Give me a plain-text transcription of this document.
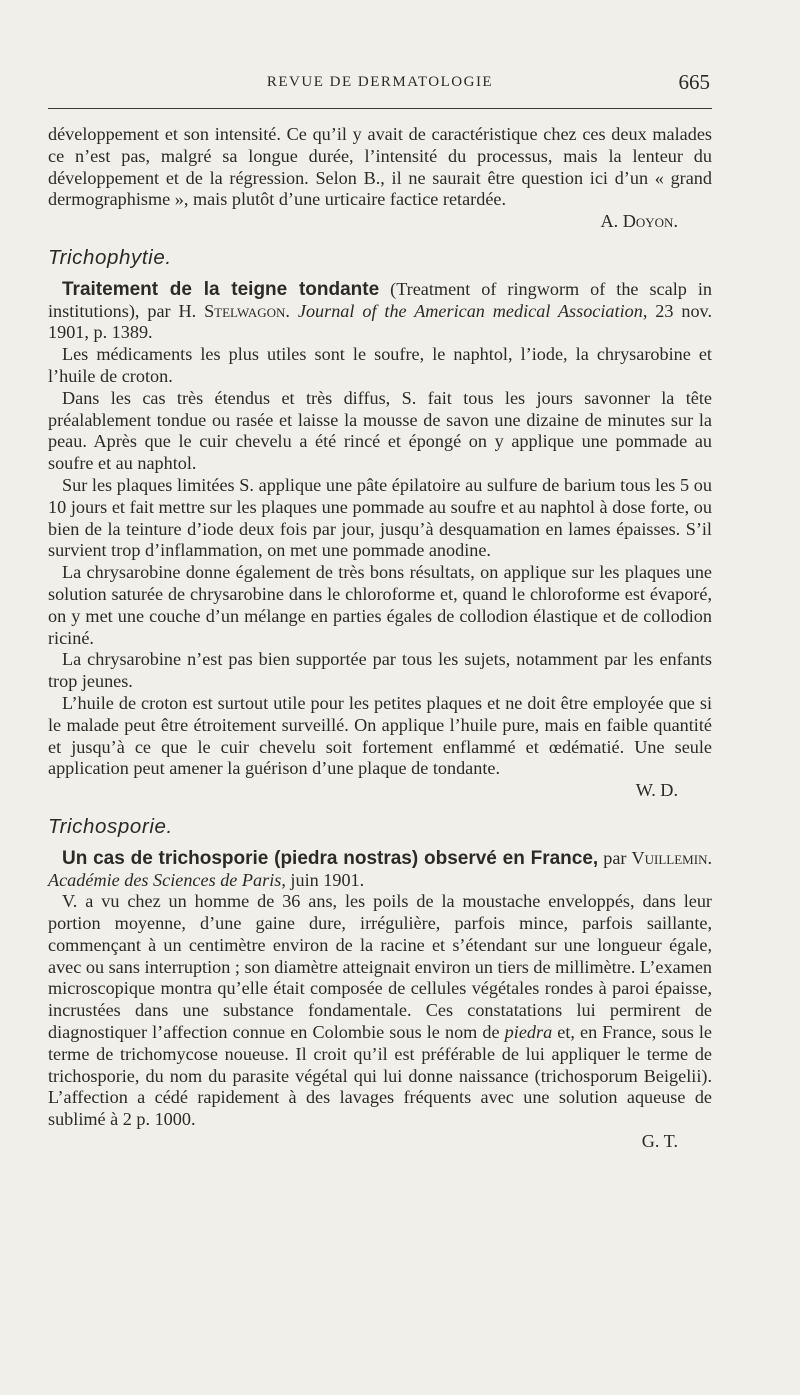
REVUE DE DERMATOLOGIE	665

développement et son intensité. Ce qu’il y avait de caractéristique chez ces deux malades ce n’est pas, malgré sa longue durée, l’intensité du processus, mais la lenteur du développement et de la régression. Selon B., il ne saurait être question ici d’un « grand dermographisme », mais plutôt d’une urticaire factice retardée.

A. Doyon.

Trichophytie.

Traitement de la teigne tondante (Treatment of ringworm of the scalp in institutions), par H. Stelwagon. Journal of the American medical Association, 23 nov. 1901, p. 1389.

Les médicaments les plus utiles sont le soufre, le naphtol, l’iode, la chrysarobine et l’huile de croton.

Dans les cas très étendus et très diffus, S. fait tous les jours savonner la tête préalablement tondue ou rasée et laisse la mousse de savon une dizaine de minutes sur la peau. Après que le cuir chevelu a été rincé et épongé on y applique une pommade au soufre et au naphtol.

Sur les plaques limitées S. applique une pâte épilatoire au sulfure de barium tous les 5 ou 10 jours et fait mettre sur les plaques une pommade au soufre et au naphtol à dose forte, ou bien de la teinture d’iode deux fois par jour, jusqu’à desquamation en lames épaisses. S’il survient trop d’inflammation, on met une pommade anodine.

La chrysarobine donne également de très bons résultats, on applique sur les plaques une solution saturée de chrysarobine dans le chloroforme et, quand le chloroforme est évaporé, on y met une couche d’un mélange en parties égales de collodion élastique et de collodion riciné.

La chrysarobine n’est pas bien supportée par tous les sujets, notamment par les enfants trop jeunes.

L’huile de croton est surtout utile pour les petites plaques et ne doit être employée que si le malade peut être étroitement surveillé. On applique l’huile pure, mais en faible quantité et jusqu’à ce que le cuir chevelu soit fortement enflammé et œdématié. Une seule application peut amener la guérison d’une plaque de tondante.

W. D.

Trichosporie.

Un cas de trichosporie (piedra nostras) observé en France, par Vuillemin. Académie des Sciences de Paris, juin 1901.

V. a vu chez un homme de 36 ans, les poils de la moustache enveloppés, dans leur portion moyenne, d’une gaine dure, irrégulière, parfois mince, parfois saillante, commençant à un centimètre environ de la racine et s’étendant sur une longueur égale, avec ou sans interruption ; son diamètre atteignait environ un tiers de millimètre. L’examen microscopique montra qu’elle était composée de cellules végétales rondes à paroi épaisse, incrustées dans une substance fondamentale. Ces constatations lui permirent de diagnostiquer l’affection connue en Colombie sous le nom de piedra et, en France, sous le terme de trichomycose noueuse. Il croit qu’il est préférable de lui appliquer le terme de trichosporie, du nom du parasite végétal qui lui donne naissance (trichosporum Beigelii). L’affection a cédé rapidement à des lavages fréquents avec une solution aqueuse de sublimé à 2 p. 1000.

G. T.
